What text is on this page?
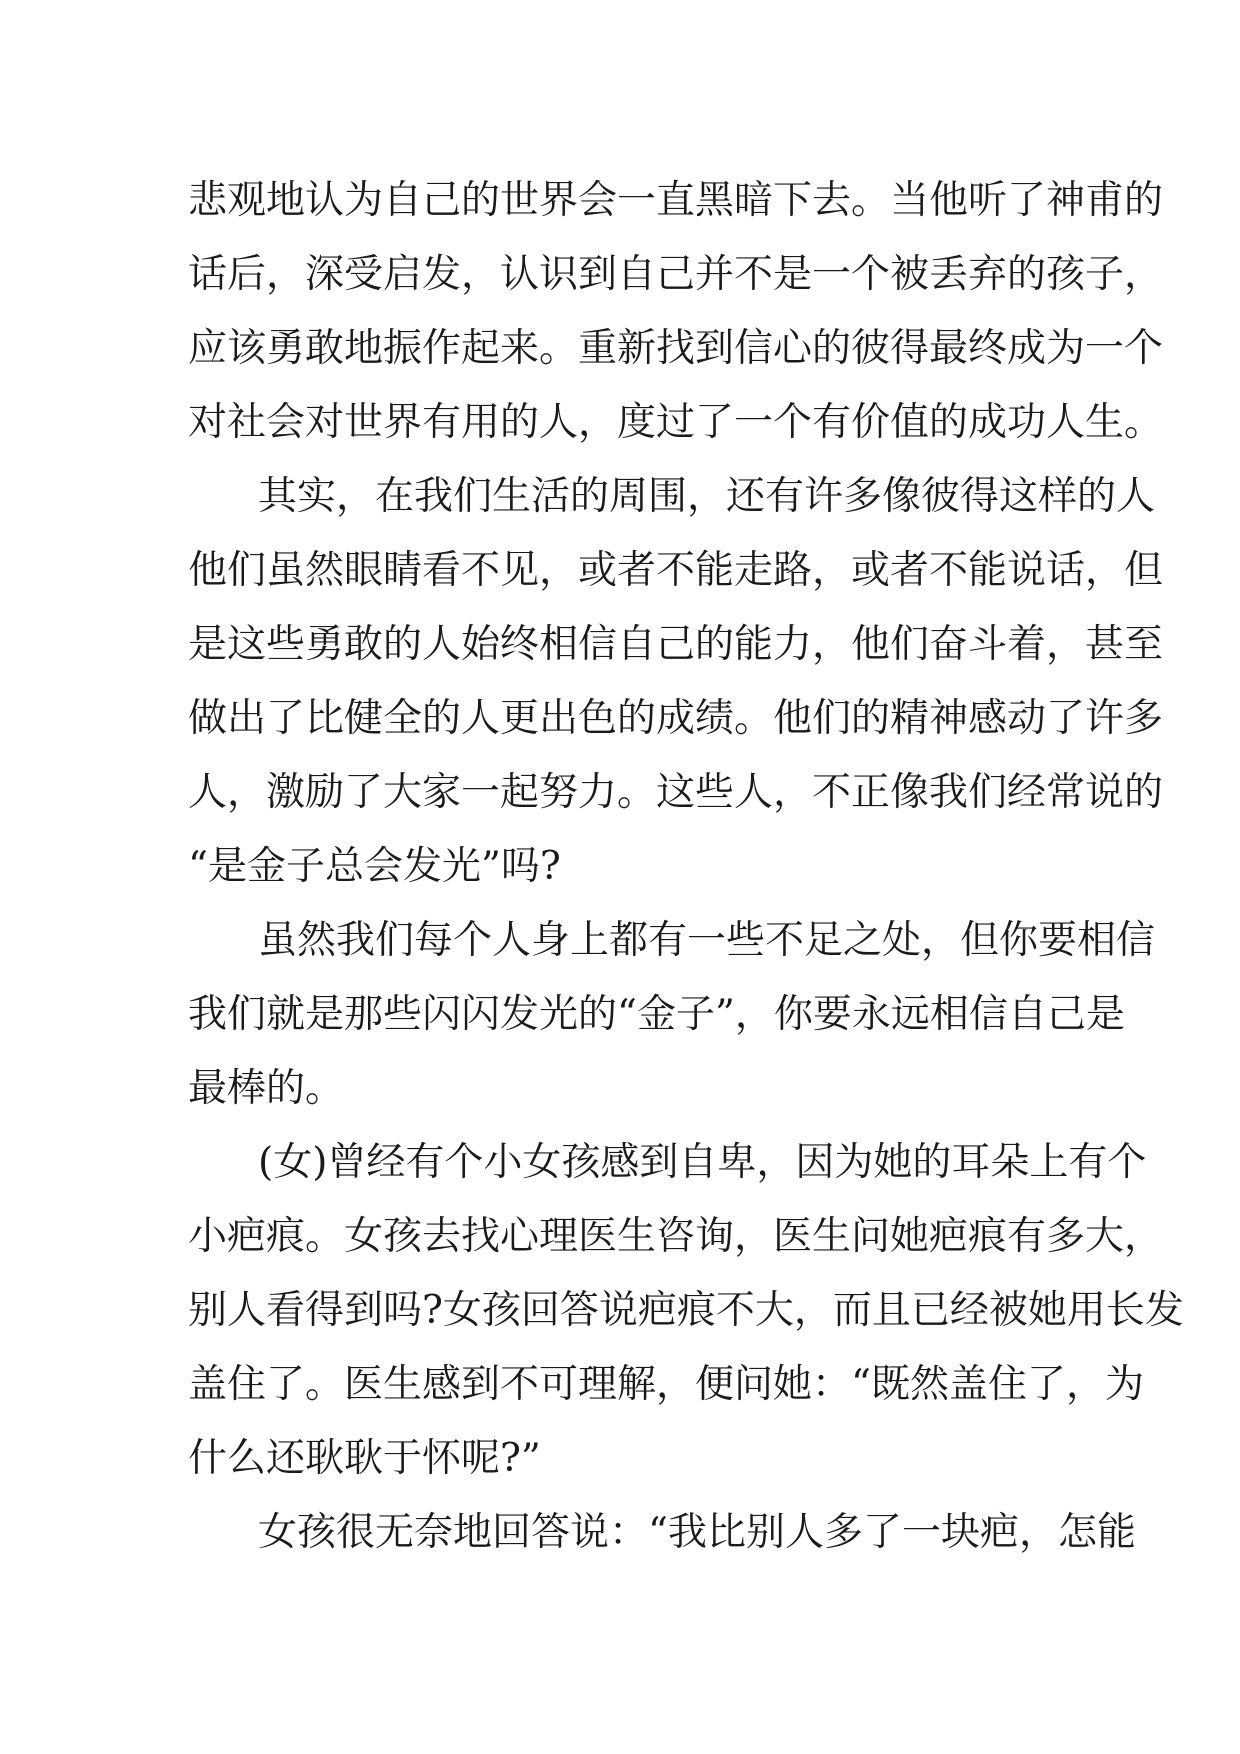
悲观地认为自己的世界会一直黑暗下去。当他听了神甫的
话后，深受启发，认识到自己并不是一个被丢弃的孩子，
应该勇敢地振作起来。重新找到信心的彼得最终成为一个
对社会对世界有用的人，度过了一个有价值的成功人生。
其实，在我们生活的周围，还有许多像彼得这样的人
他们虽然眼睛看不见，或者不能走路，或者不能说话，但
是这些勇敢的人始终相信自己的能力，他们奋斗着，甚至
做出了比健全的人更出色的成绩。他们的精神感动了许多
人，激励了大家一起努力。这些人，不正像我们经常说的
“是金子总会发光”吗?
虽然我们每个人身上都有一些不足之处，但你要相信
我们就是那些闪闪发光的“金子”，你要永远相信自己是
最棒的。
(女)曾经有个小女孩感到自卑，因为她的耳朵上有个
小疤痕。女孩去找心理医生咨询，医生问她疤痕有多大，
别人看得到吗?女孩回答说疤痕不大，而且已经被她用长发
盖住了。医生感到不可理解，便问她：“既然盖住了，为
什么还耿耿于怀呢?”
女孩很无奈地回答说：“我比别人多了一块疤，怎能
